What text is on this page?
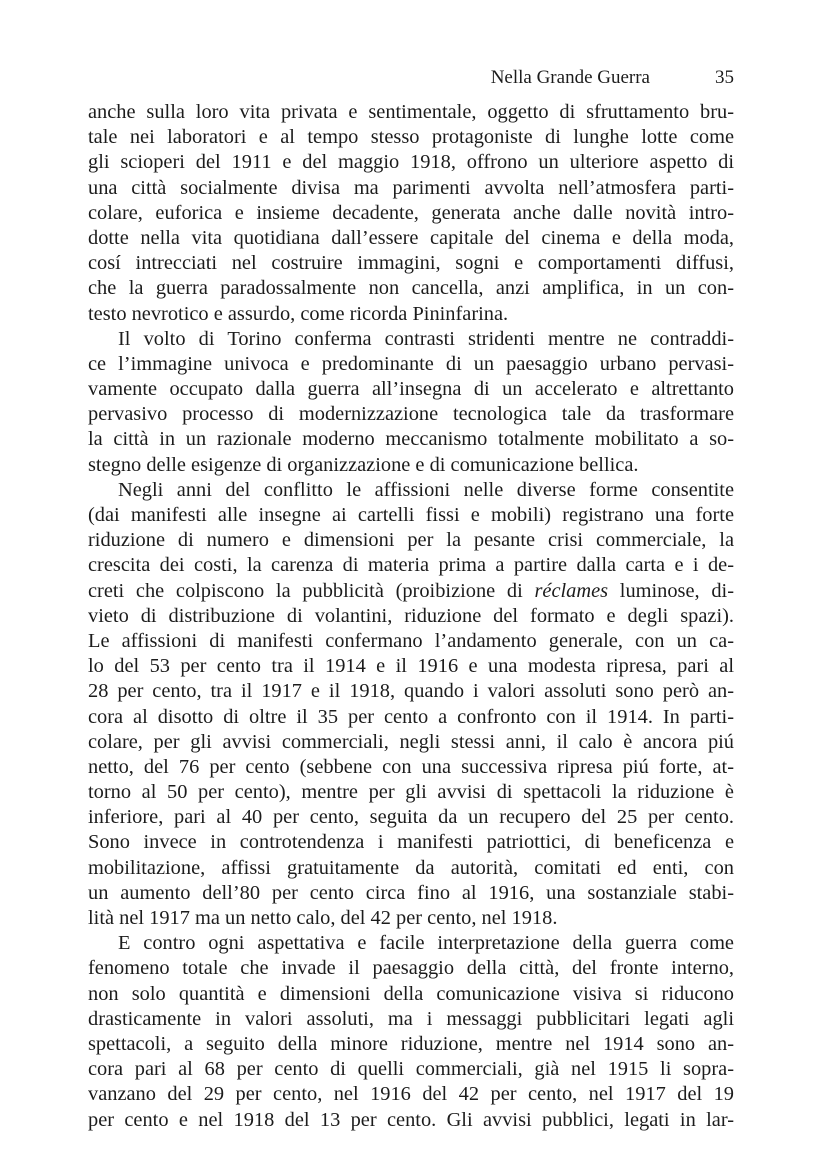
Nella Grande Guerra	35
anche sulla loro vita privata e sentimentale, oggetto di sfruttamento bru-
tale nei laboratori e al tempo stesso protagoniste di lunghe lotte come
gli scioperi del 1911 e del maggio 1918, offrono un ulteriore aspetto di
una città socialmente divisa ma parimenti avvolta nell’atmosfera parti-
colare, euforica e insieme decadente, generata anche dalle novità intro-
dotte nella vita quotidiana dall’essere capitale del cinema e della moda,
cosí intrecciati nel costruire immagini, sogni e comportamenti diffusi,
che la guerra paradossalmente non cancella, anzi amplifica, in un con-
testo nevrotico e assurdo, come ricorda Pininfarina.
Il volto di Torino conferma contrasti stridenti mentre ne contraddi-
ce l’immagine univoca e predominante di un paesaggio urbano pervasi-
vamente occupato dalla guerra all’insegna di un accelerato e altrettanto
pervasivo processo di modernizzazione tecnologica tale da trasformare
la città in un razionale moderno meccanismo totalmente mobilitato a so-
stegno delle esigenze di organizzazione e di comunicazione bellica.
Negli anni del conflitto le affissioni nelle diverse forme consentite
(dai manifesti alle insegne ai cartelli fissi e mobili) registrano una forte
riduzione di numero e dimensioni per la pesante crisi commerciale, la
crescita dei costi, la carenza di materia prima a partire dalla carta e i de-
creti che colpiscono la pubblicità (proibizione di réclames luminose, di-
vieto di distribuzione di volantini, riduzione del formato e degli spazi).
Le affissioni di manifesti confermano l’andamento generale, con un ca-
lo del 53 per cento tra il 1914 e il 1916 e una modesta ripresa, pari al
28 per cento, tra il 1917 e il 1918, quando i valori assoluti sono però an-
cora al disotto di oltre il 35 per cento a confronto con il 1914. In parti-
colare, per gli avvisi commerciali, negli stessi anni, il calo è ancora piú
netto, del 76 per cento (sebbene con una successiva ripresa piú forte, at-
torno al 50 per cento), mentre per gli avvisi di spettacoli la riduzione è
inferiore, pari al 40 per cento, seguita da un recupero del 25 per cento.
Sono invece in controtendenza i manifesti patriottici, di beneficenza e
mobilitazione, affissi gratuitamente da autorità, comitati ed enti, con
un aumento dell’80 per cento circa fino al 1916, una sostanziale stabi-
lità nel 1917 ma un netto calo, del 42 per cento, nel 1918.
E contro ogni aspettativa e facile interpretazione della guerra come
fenomeno totale che invade il paesaggio della città, del fronte interno,
non solo quantità e dimensioni della comunicazione visiva si riducono
drasticamente in valori assoluti, ma i messaggi pubblicitari legati agli
spettacoli, a seguito della minore riduzione, mentre nel 1914 sono an-
cora pari al 68 per cento di quelli commerciali, già nel 1915 li sopra-
vanzano del 29 per cento, nel 1916 del 42 per cento, nel 1917 del 19
per cento e nel 1918 del 13 per cento. Gli avvisi pubblici, legati in lar-
